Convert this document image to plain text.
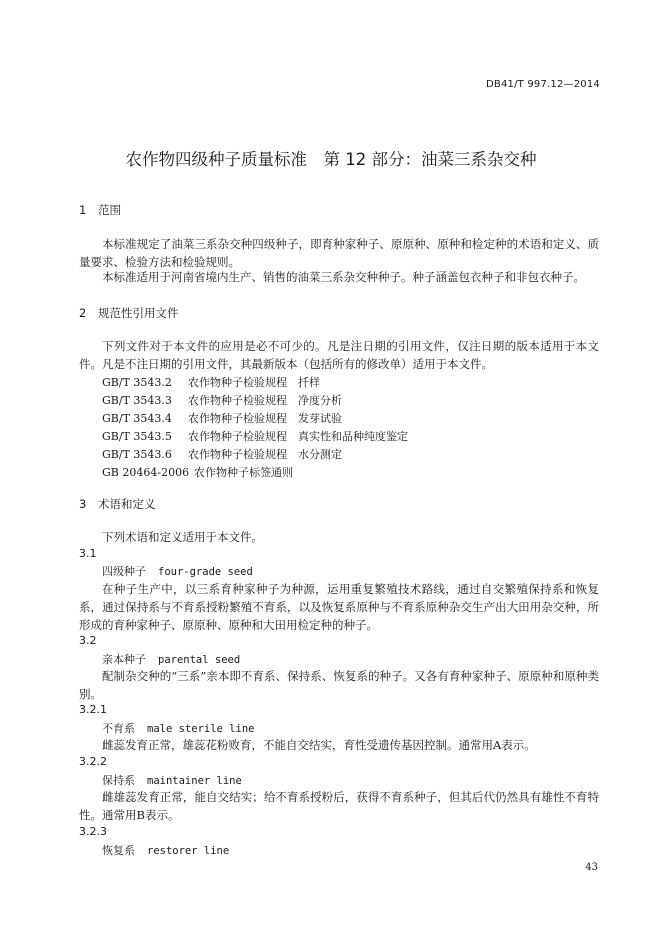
DB41/T 997.12—2014
农作物四级种子质量标准　第 12 部分：油菜三系杂交种
1 范围

本标准规定了油菜三系杂交种四级种子，即育种家种子、原原种、原种和检定种的术语和定义、质量要求、检验方法和检验规则。

本标准适用于河南省境内生产、销售的油菜三系杂交种种子。种子涵盖包衣种子和非包衣种子。

2 规范性引用文件

下列文件对于本文件的应用是必不可少的。凡是注日期的引用文件，仅注日期的版本适用于本文件。凡是不注日期的引用文件，其最新版本（包括所有的修改单）适用于本文件。

GB/T 3543.2 农作物种子检验规程　扦样
GB/T 3543.3 农作物种子检验规程　净度分析
GB/T 3543.4 农作物种子检验规程　发芽试验
GB/T 3543.5 农作物种子检验规程　真实性和品种纯度鉴定
GB/T 3543.6 农作物种子检验规程　水分测定
GB 20464-2006 农作物种子标签通则
3 术语和定义

下列术语和定义适用于本文件。

3.1
四级种子 four-grade seed

在种子生产中，以三系育种家种子为种源，运用重复繁殖技术路线，通过自交繁殖保持系和恢复系，通过保持系与不育系授粉繁殖不育系，以及恢复系原种与不育系原种杂交生产出大田用杂交种，所形成的育种家种子、原原种、原种和大田用检定种的种子。

3.2
亲本种子 parental seed

配制杂交种的“三系”亲本即不育系、保持系、恢复系的种子。又各有育种家种子、原原种和原种类别。

3.2.1
不育系 male sterile line

雌蕊发育正常，雄蕊花粉败育，不能自交结实，育性受遗传基因控制。通常用A表示。

3.2.2
保持系 maintainer line

雌雄蕊发育正常，能自交结实；给不育系授粉后，获得不育系种子，但其后代仍然具有雄性不育特性。通常用B表示。

3.2.3
恢复系 restorer line
43
